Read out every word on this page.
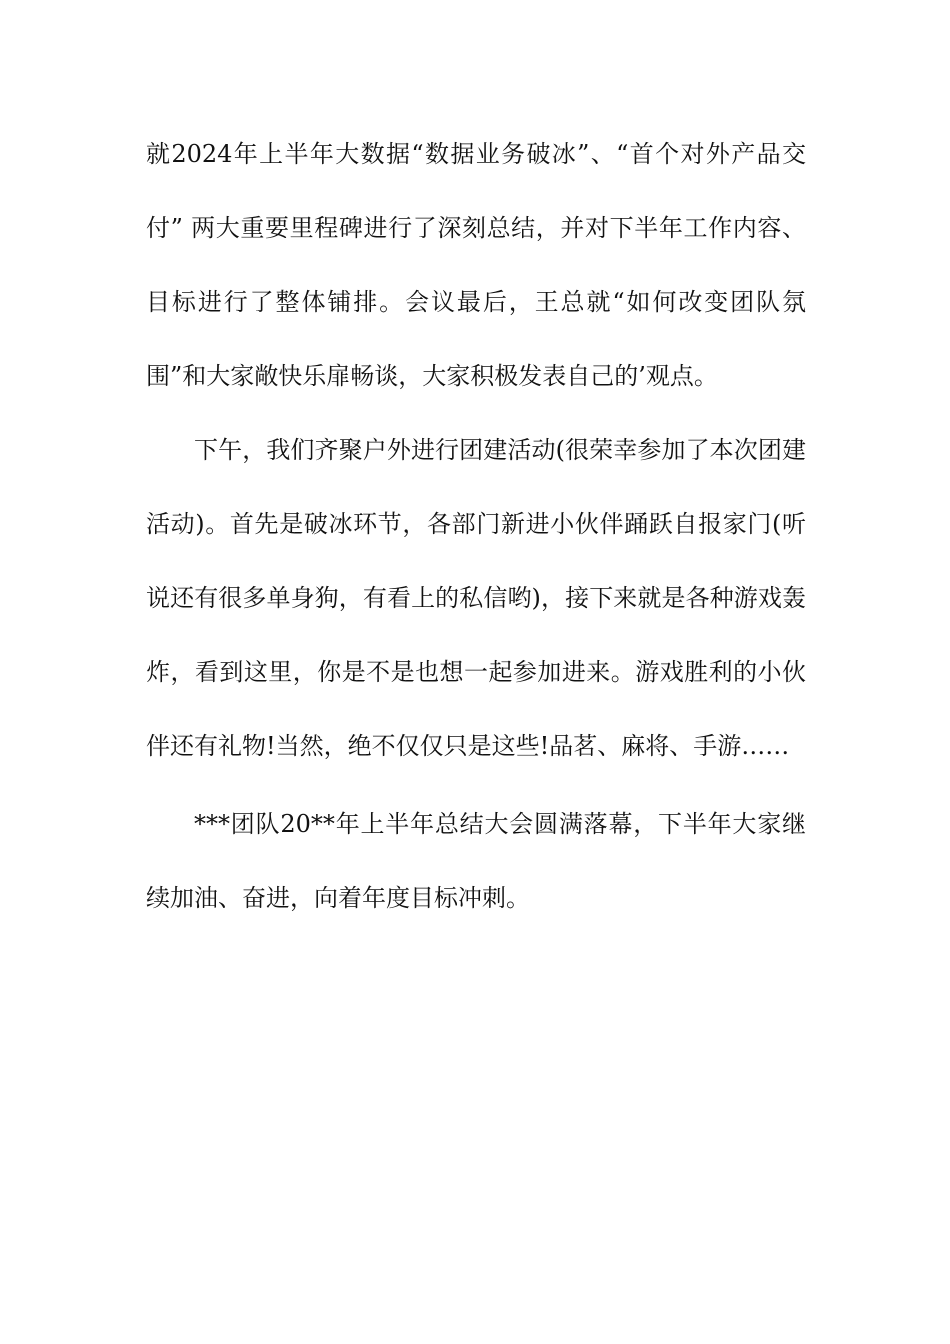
就2024年上半年大数据“数据业务破冰”、“首个对外产品交
付” 两大重要里程碑进行了深刻总结，并对下半年工作内容、
目标进行了整体铺排。会议最后，王总就“如何改变团队氛
围”和大家敞快乐扉畅谈，大家积极发表自己的’观点。
下午，我们齐聚户外进行团建活动(很荣幸参加了本次团建
活动)。首先是破冰环节，各部门新进小伙伴踊跃自报家门(听
说还有很多单身狗，有看上的私信哟)，接下来就是各种游戏轰
炸，看到这里，你是不是也想一起参加进来。游戏胜利的小伙
伴还有礼物!当然，绝不仅仅只是这些!品茗、麻将、手游……
***团队20**年上半年总结大会圆满落幕，下半年大家继
续加油、奋进，向着年度目标冲刺。
